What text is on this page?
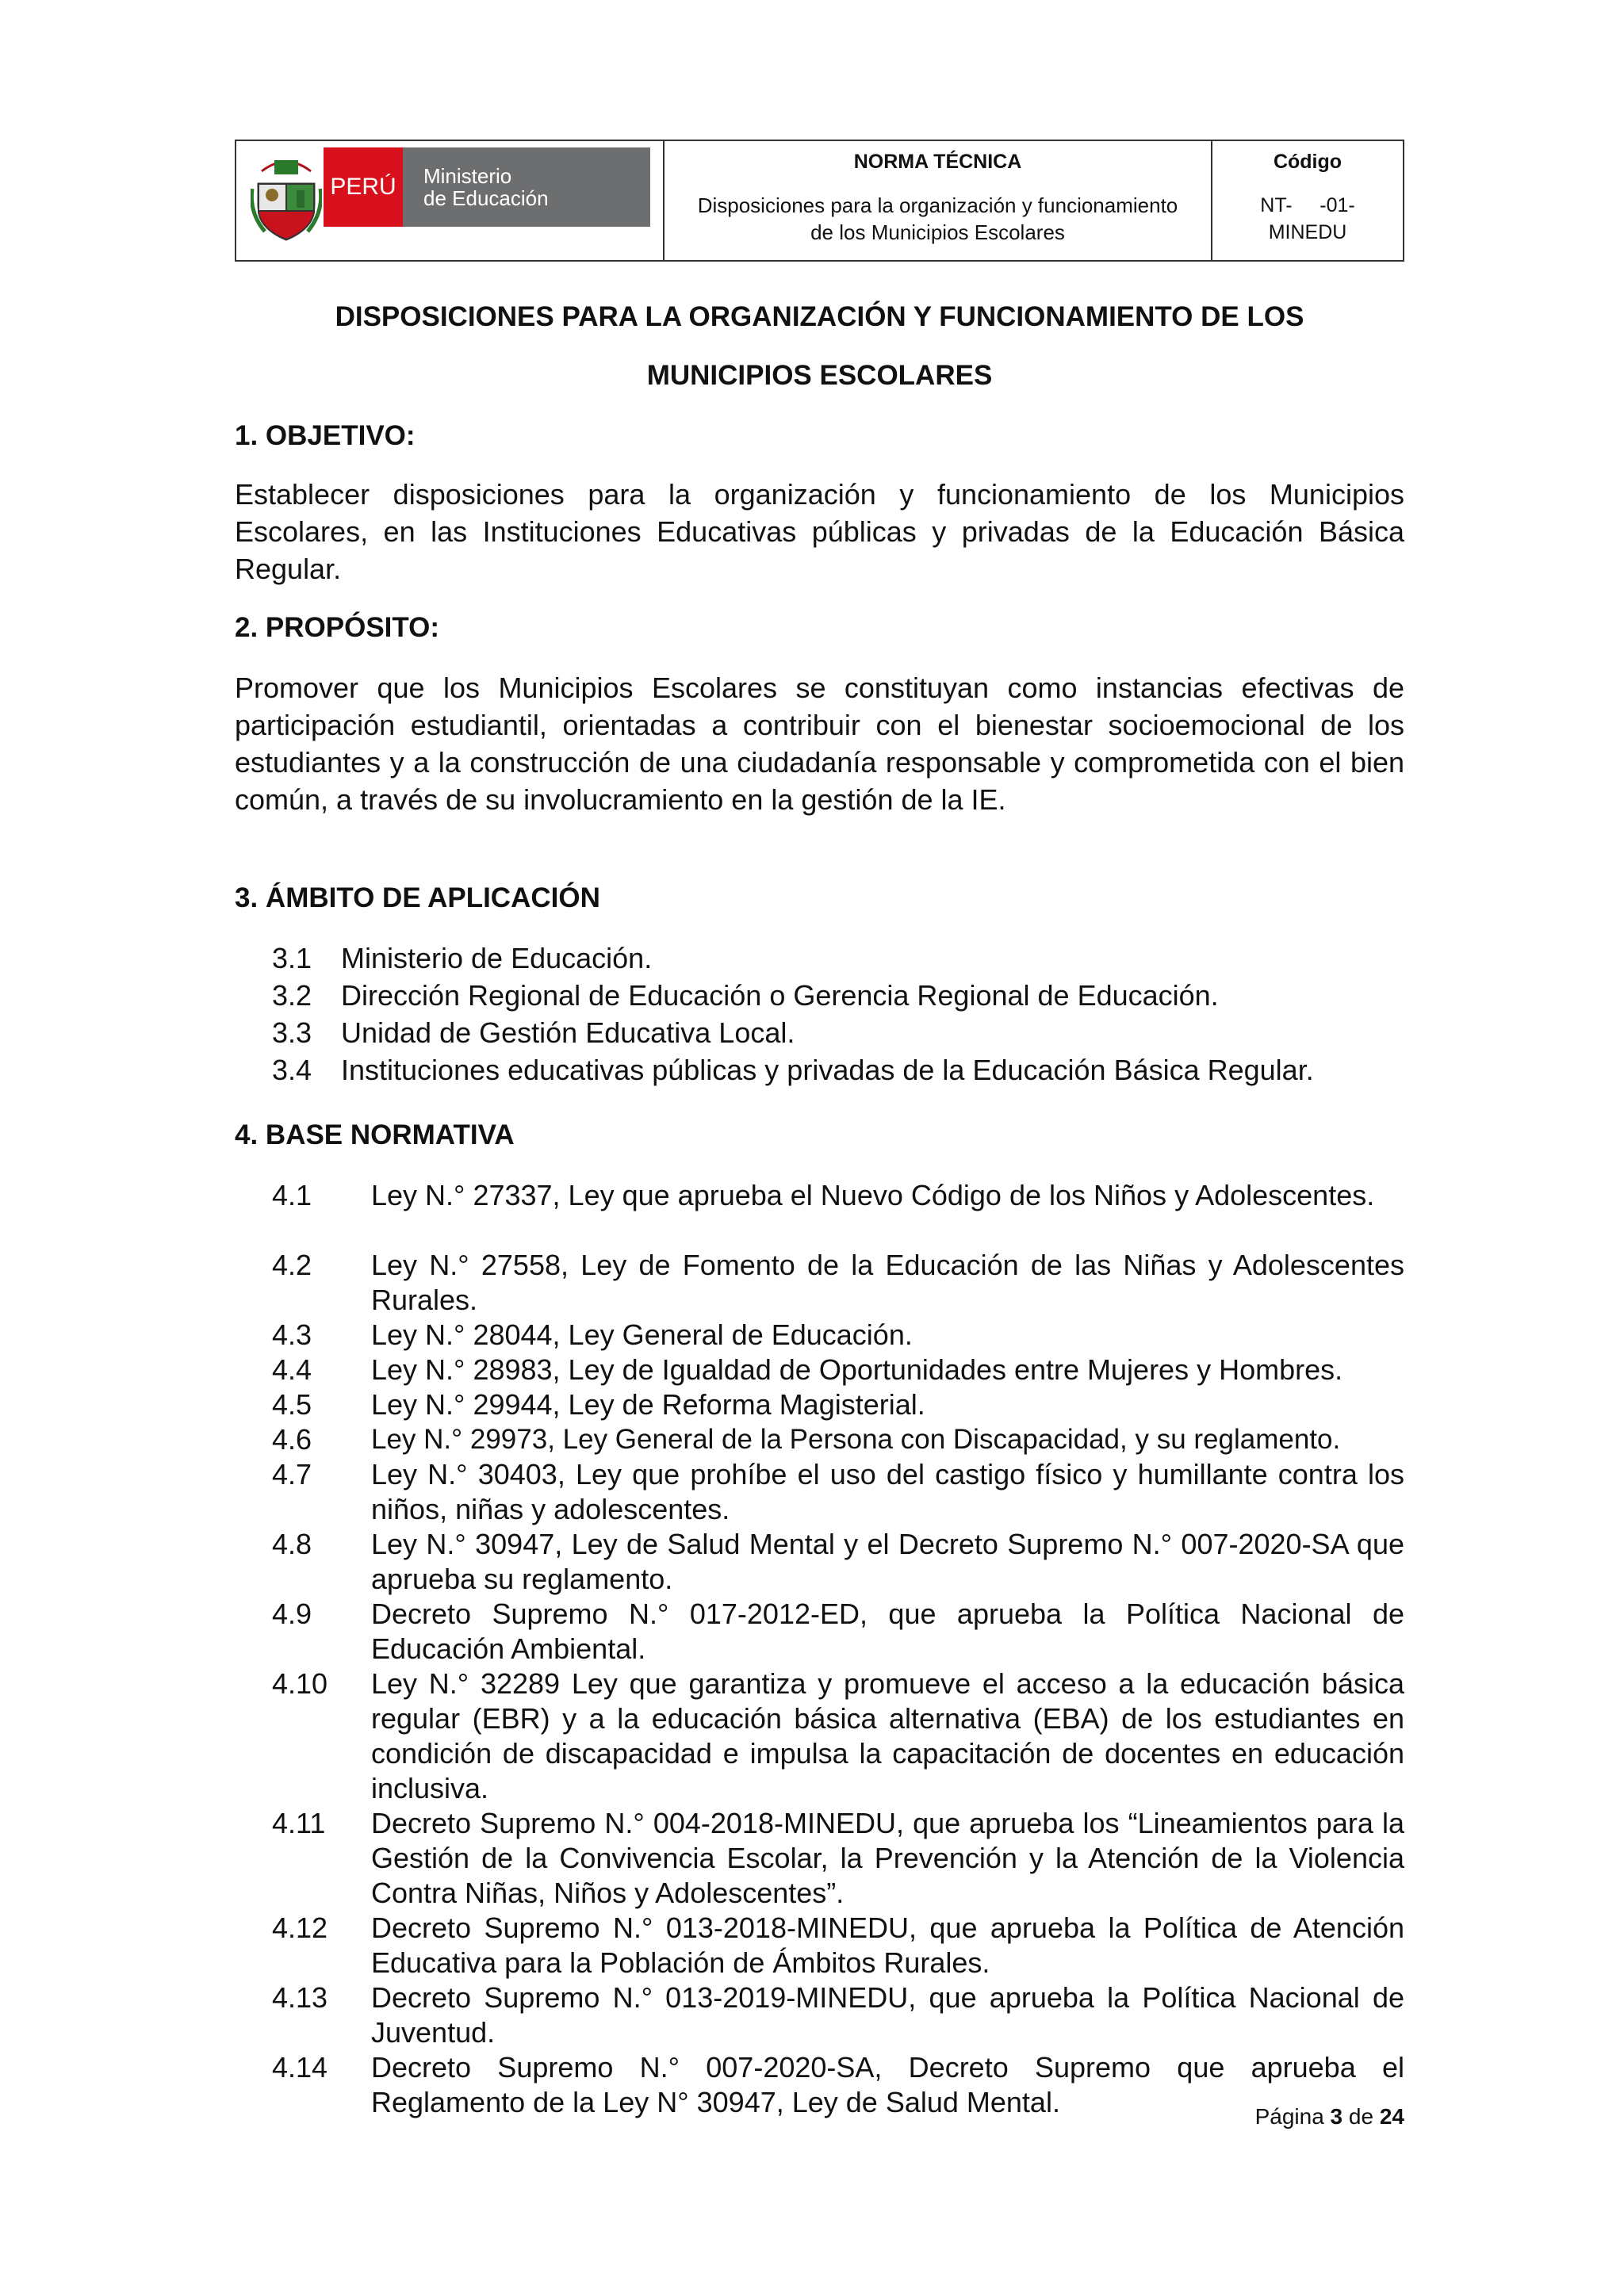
PERÚ	Ministerio
de Educación
NORMA TÉCNICA
Disposiciones para la organización y funcionamiento
de los Municipios Escolares
Código
NT-     -01-
MINEDU
DISPOSICIONES PARA LA ORGANIZACIÓN Y FUNCIONAMIENTO DE LOS
MUNICIPIOS ESCOLARES
1. OBJETIVO:

Establecer disposiciones para la organización y funcionamiento de los Municipios Escolares, en las Instituciones Educativas públicas y privadas de la Educación Básica Regular.

2. PROPÓSITO:

Promover que los Municipios Escolares se constituyan como instancias efectivas de participación estudiantil, orientadas a contribuir con el bienestar socioemocional de los estudiantes y a la construcción de una ciudadanía responsable y comprometida con el bien común, a través de su involucramiento en la gestión de la IE.

3. ÁMBITO DE APLICACIÓN
3.1 Ministerio de Educación.
3.2 Dirección Regional de Educación o Gerencia Regional de Educación.
3.3 Unidad de Gestión Educativa Local.
3.4 Instituciones educativas públicas y privadas de la Educación Básica Regular.
4. BASE NORMATIVA
4.1 Ley N.° 27337, Ley que aprueba el Nuevo Código de los Niños y Adolescentes.
4.2 Ley N.° 27558, Ley de Fomento de la Educación de las Niñas y Adolescentes Rurales.
4.3 Ley N.° 28044, Ley General de Educación.
4.4 Ley N.° 28983, Ley de Igualdad de Oportunidades entre Mujeres y Hombres.
4.5 Ley N.° 29944, Ley de Reforma Magisterial.
4.6 Ley N.° 29973, Ley General de la Persona con Discapacidad, y su reglamento.
4.7 Ley N.° 30403, Ley que prohíbe el uso del castigo físico y humillante contra los niños, niñas y adolescentes.
4.8 Ley N.° 30947, Ley de Salud Mental y el Decreto Supremo N.° 007-2020-SA que aprueba su reglamento.
4.9 Decreto Supremo N.° 017-2012-ED, que aprueba la Política Nacional de Educación Ambiental.
4.10 Ley N.° 32289 Ley que garantiza y promueve el acceso a la educación básica regular (EBR) y a la educación básica alternativa (EBA) de los estudiantes en condición de discapacidad e impulsa la capacitación de docentes en educación inclusiva.
4.11 Decreto Supremo N.° 004-2018-MINEDU, que aprueba los “Lineamientos para la Gestión de la Convivencia Escolar, la Prevención y la Atención de la Violencia Contra Niñas, Niños y Adolescentes”.
4.12 Decreto Supremo N.° 013-2018-MINEDU, que aprueba la Política de Atención Educativa para la Población de Ámbitos Rurales.
4.13 Decreto Supremo N.° 013-2019-MINEDU, que aprueba la Política Nacional de Juventud.
4.14 Decreto Supremo N.° 007-2020-SA, Decreto Supremo que aprueba el Reglamento de la Ley N° 30947, Ley de Salud Mental.	Página 3 de 24
